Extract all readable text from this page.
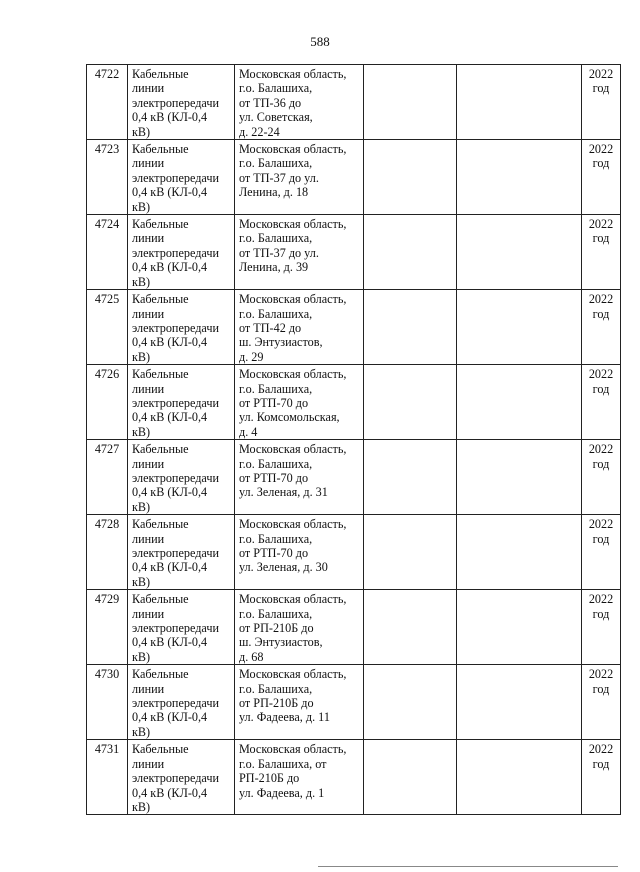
588
4722	Кабельные
линии
электропередачи
0,4 кВ (КЛ-0,4
кВ)	Московская область,
г.о. Балашиха,
от ТП-36 до
ул. Советская,
д. 22-24			2022
год
4723	Кабельные
линии
электропередачи
0,4 кВ (КЛ-0,4
кВ)	Московская область,
г.о. Балашиха,
от ТП-37 до ул.
Ленина, д. 18			2022
год
4724	Кабельные
линии
электропередачи
0,4 кВ (КЛ-0,4
кВ)	Московская область,
г.о. Балашиха,
от ТП-37 до ул.
Ленина, д. 39			2022
год
4725	Кабельные
линии
электропередачи
0,4 кВ (КЛ-0,4
кВ)	Московская область,
г.о. Балашиха,
от ТП-42 до
ш. Энтузиастов,
д. 29			2022
год
4726	Кабельные
линии
электропередачи
0,4 кВ (КЛ-0,4
кВ)	Московская область,
г.о. Балашиха,
от РТП-70 до
ул. Комсомольская,
д. 4			2022
год
4727	Кабельные
линии
электропередачи
0,4 кВ (КЛ-0,4
кВ)	Московская область,
г.о. Балашиха,
от РТП-70 до
ул. Зеленая, д. 31			2022
год
4728	Кабельные
линии
электропередачи
0,4 кВ (КЛ-0,4
кВ)	Московская область,
г.о. Балашиха,
от РТП-70 до
ул. Зеленая, д. 30			2022
год
4729	Кабельные
линии
электропередачи
0,4 кВ (КЛ-0,4
кВ)	Московская область,
г.о. Балашиха,
от РП-210Б до
ш. Энтузиастов,
д. 68			2022
год
4730	Кабельные
линии
электропередачи
0,4 кВ (КЛ-0,4
кВ)	Московская область,
г.о. Балашиха,
от РП-210Б до
ул. Фадеева, д. 11			2022
год
4731	Кабельные
линии
электропередачи
0,4 кВ (КЛ-0,4
кВ)	Московская область,
г.о. Балашиха, от
РП-210Б до
ул. Фадеева, д. 1			2022
год
